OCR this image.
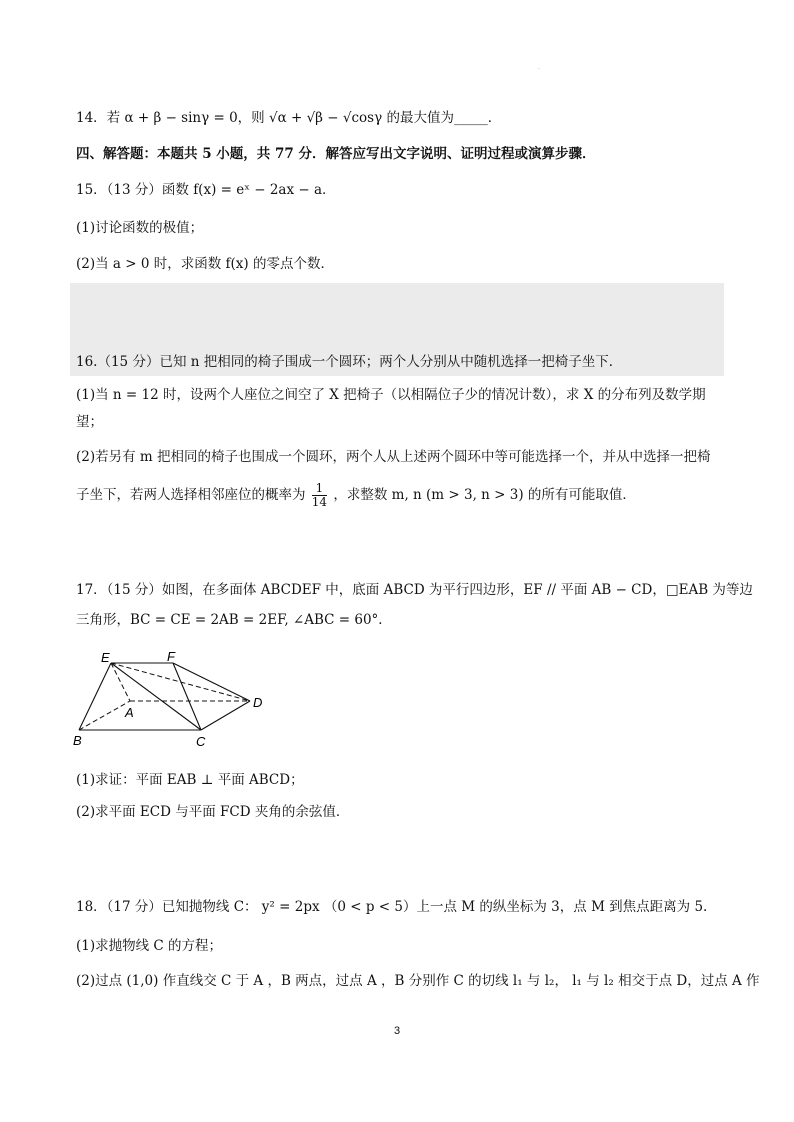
·
14．若 α + β − sinγ = 0，则 √α + √β − √cosγ 的最大值为_____．
四、解答题：本题共 5 小题，共 77 分．解答应写出文字说明、证明过程或演算步骤．
15．（13 分）函数 f(x) = eˣ − 2ax − a．
(1)讨论函数的极值；
(2)当 a > 0 时，求函数 f(x) 的零点个数．
16.（15 分）已知 n 把相同的椅子围成一个圆环；两个人分别从中随机选择一把椅子坐下．
(1)当 n = 12 时，设两个人座位之间空了 X 把椅子（以相隔位子少的情况计数），求 X 的分布列及数学期
望；
(2)若另有 m 把相同的椅子也围成一个圆环，两个人从上述两个圆环中等可能选择一个，并从中选择一把椅
子坐下，若两人选择相邻座位的概率为 $\frac{1}{14}$ ，求整数 m, n (m > 3, n > 3) 的所有可能取值．
17．（15 分）如图，在多面体 ABCDEF 中，底面 ABCD 为平行四边形，EF // 平面 AB − CD，□EAB 为等边
三角形，BC = CE = 2AB = 2EF, ∠ABC = 60°．
E	F
A
D
B	C
(1)求证：平面 EAB ⊥ 平面 ABCD；
(2)求平面 ECD 与平面 FCD 夹角的余弦值．
18．（17 分）已知抛物线 C： y² = 2px （0 < p < 5）上一点 M 的纵坐标为 3，点 M 到焦点距离为 5.
(1)求抛物线 C 的方程；
(2)过点 (1,0) 作直线交 C 于 A ，B 两点，过点 A ，B 分别作 C 的切线 l₁ 与 l₂， l₁ 与 l₂ 相交于点 D，过点 A 作
3
